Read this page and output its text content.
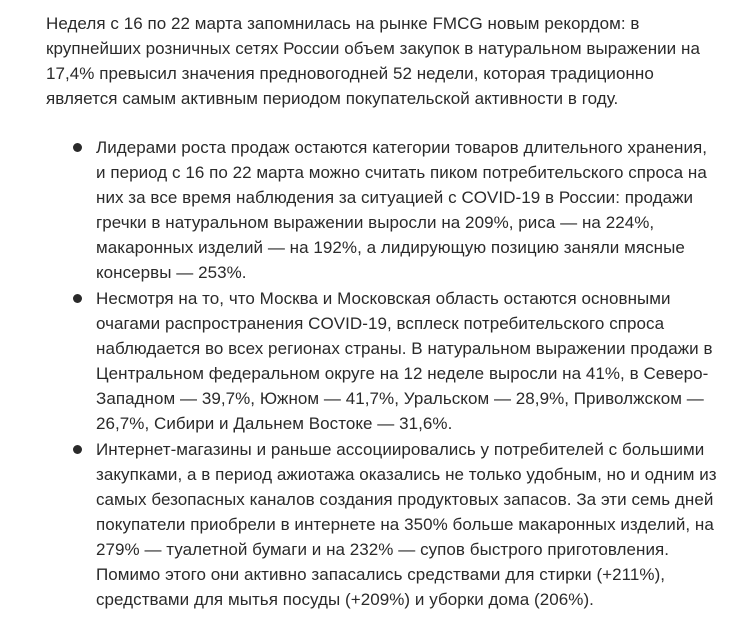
Неделя с 16 по 22 марта запомнилась на рынке FMCG новым рекордом: в крупнейших розничных сетях России объем закупок в натуральном выражении на 17,4% превысил значения предновогодней 52 недели, которая традиционно является самым активным периодом покупательской активности в году.

Лидерами роста продаж остаются категории товаров длительного хранения, и период с 16 по 22 марта можно считать пиком потребительского спроса на них за все время наблюдения за ситуацией с COVID-19 в России: продажи гречки в натуральном выражении выросли на 209%, риса — на 224%, макаронных изделий — на 192%, а лидирующую позицию заняли мясные консервы — 253%.
Несмотря на то, что Москва и Московская область остаются основными очагами распространения COVID-19, всплеск потребительского спроса наблюдается во всех регионах страны. В натуральном выражении продажи в Центральном федеральном округе на 12 неделе выросли на 41%, в Северо-Западном — 39,7%, Южном — 41,7%, Уральском — 28,9%, Приволжском — 26,7%, Сибири и Дальнем Востоке — 31,6%.
Интернет-магазины и раньше ассоциировались у потребителей с большими закупками, а в период ажиотажа оказались не только удобным, но и одним из самых безопасных каналов создания продуктовых запасов. За эти семь дней покупатели приобрели в интернете на 350% больше макаронных изделий, на 279% — туалетной бумаги и на 232% — супов быстрого приготовления. Помимо этого они активно запасались средствами для стирки (+211%), средствами для мытья посуды (+209%) и уборки дома (206%).
